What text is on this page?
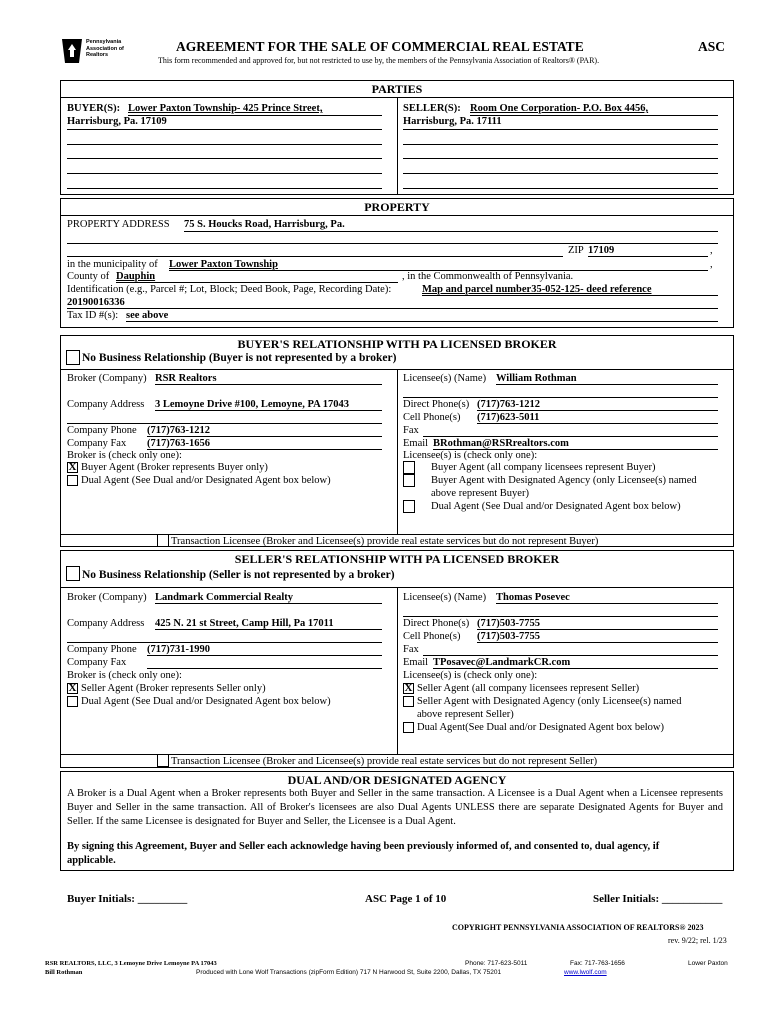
Pennsylvania
Association of
Realtors
AGREEMENT FOR THE SALE OF COMMERCIAL REAL ESTATE	ASC
This form recommended and approved for, but not restricted to use by, the members of the Pennsylvania Association of Realtors® (PAR).
PARTIES
BUYER(S): Lower Paxton Township- 425 Prince Street,
Harrisburg, Pa. 17109
SELLER(S): Room One Corporation- P.O. Box 4456,
Harrisburg, Pa. 17111
PROPERTY
PROPERTY ADDRESS 75 S. Houcks Road, Harrisburg, Pa.
ZIP 17109	,
in the municipality of Lower Paxton Township	,
County of Dauphin	, in the Commonwealth of Pennsylvania.
Identification (e.g., Parcel #; Lot, Block; Deed Book, Page, Recording Date):	Map and parcel number35-052-125- deed reference
20190016336
Tax ID #(s): see above
BUYER'S RELATIONSHIP WITH PA LICENSED BROKER
No Business Relationship (Buyer is not represented by a broker)
Broker (Company) RSR Realtors	Licensee(s) (Name) William Rothman
Company Address 3 Lemoyne Drive #100, Lemoyne, PA 17043	Direct Phone(s) (717)763-1212
Cell Phone(s) (717)623-5011
Company Phone (717)763-1212	Fax
Company Fax (717)763-1656	Email BRothman@RSRrealtors.com
Broker is (check only one):	Licensee(s) is (check only one):
X Buyer Agent (Broker represents Buyer only)
Dual Agent (See Dual and/or Designated Agent box below)
Buyer Agent (all company licensees represent Buyer)
Buyer Agent with Designated Agency (only Licensee(s) named
above represent Buyer)
Dual Agent (See Dual and/or Designated Agent box below)
Transaction Licensee (Broker and Licensee(s) provide real estate services but do not represent Buyer)
SELLER'S RELATIONSHIP WITH PA LICENSED BROKER
No Business Relationship (Seller is not represented by a broker)
Broker (Company) Landmark Commercial Realty	Licensee(s) (Name) Thomas Posevec
Company Address 425 N. 21 st Street, Camp Hill, Pa 17011	Direct Phone(s) (717)503-7755
Cell Phone(s) (717)503-7755
Company Phone (717)731-1990	Fax
Company Fax	Email TPosavec@LandmarkCR.com
Broker is (check only one):	Licensee(s) is (check only one):
X Seller Agent (Broker represents Seller only)
Dual Agent (See Dual and/or Designated Agent box below)
X Seller Agent (all company licensees represent Seller)
Seller Agent with Designated Agency (only Licensee(s) named
above represent Seller)
Dual Agent(See Dual and/or Designated Agent box below)
Transaction Licensee (Broker and Licensee(s) provide real estate services but do not represent Seller)
DUAL AND/OR DESIGNATED AGENCY
A Broker is a Dual Agent when a Broker represents both Buyer and Seller in the same transaction. A Licensee is a Dual Agent when a Licensee represents Buyer and Seller in the same transaction. All of Broker's licensees are also Dual Agents UNLESS there are separate Designated Agents for Buyer and Seller. If the same Licensee is designated for Buyer and Seller, the Licensee is a Dual Agent.
By signing this Agreement, Buyer and Seller each acknowledge having been previously informed of, and consented to, dual agency, if applicable.
Buyer Initials: _________	ASC Page 1 of 10	Seller Initials: ___________
COPYRIGHT PENNSYLVANIA ASSOCIATION OF REALTORS® 2023
rev. 9/22; rel. 1/23
RSR REALTORS, LLC, 3 Lemoyne Drive Lemoyne PA 17043
Bill Rothman
Phone: 717-623-5011	Fax: 717-763-1656	Lower Paxton
Produced with Lone Wolf Transactions (zipForm Edition) 717 N Harwood St, Suite 2200, Dallas, TX 75201	www.lwolf.com
